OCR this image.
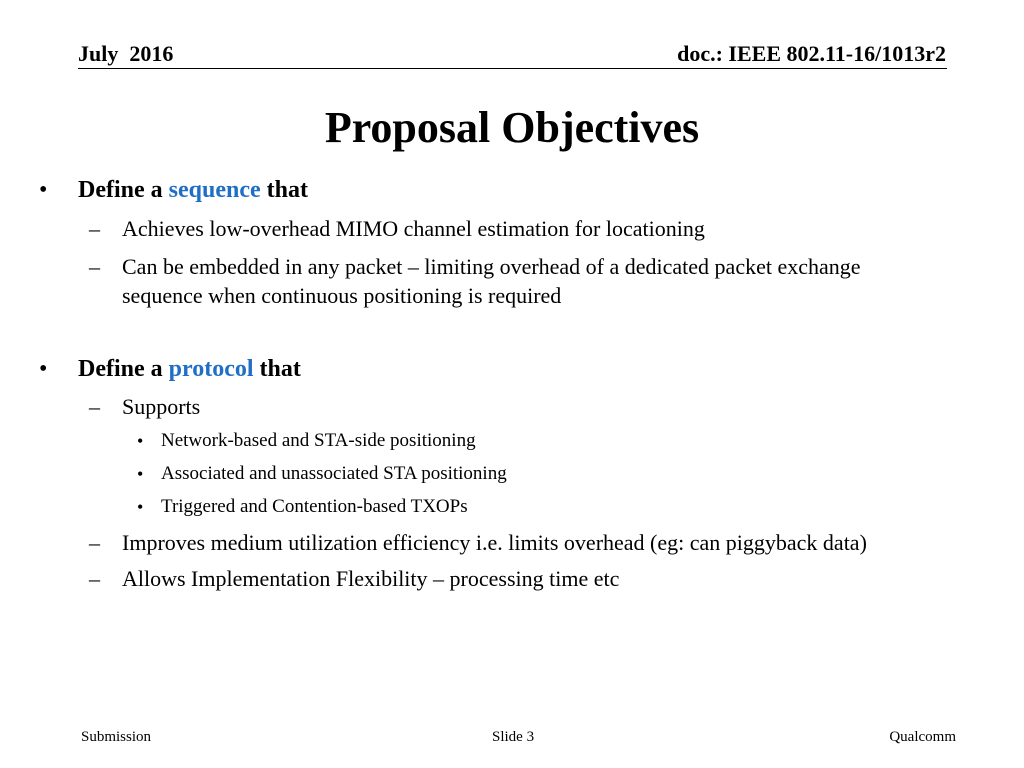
July  2016	doc.: IEEE 802.11-16/1013r2
Proposal Objectives
• Define a sequence that
– Achieves low-overhead MIMO channel estimation for locationing
– Can be embedded in any packet – limiting overhead of a dedicated packet exchange
sequence when continuous positioning is required
• Define a protocol that
– Supports
• Network-based and STA-side positioning
• Associated and unassociated STA positioning
• Triggered and Contention-based TXOPs
– Improves medium utilization efficiency i.e. limits overhead (eg: can piggyback data)
– Allows Implementation Flexibility – processing time etc
Submission	Slide 3	Qualcomm
